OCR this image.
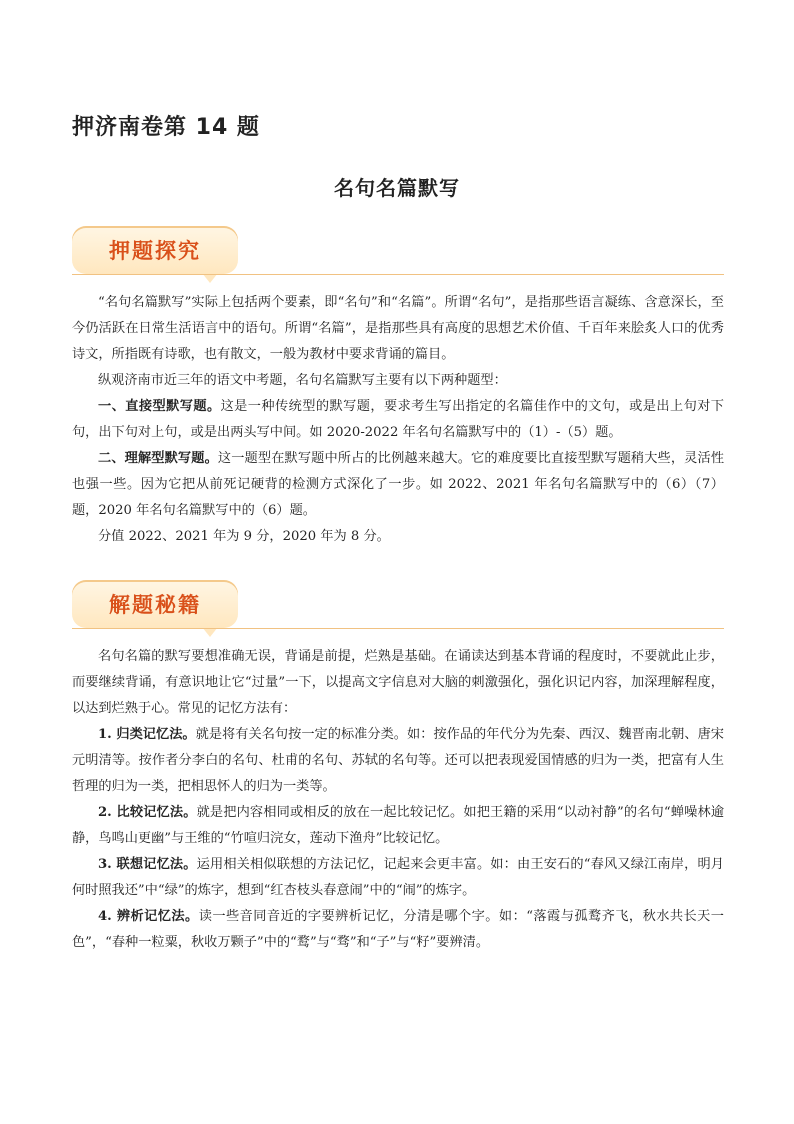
押济南卷第 14 题
名句名篇默写
押题探究

“名句名篇默写”实际上包括两个要素，即“名句”和“名篇”。所谓“名句”，是指那些语言凝练、含意深长，至今仍活跃在日常生活语言中的语句。所谓“名篇”，是指那些具有高度的思想艺术价值、千百年来脍炙人口的优秀诗文，所指既有诗歌，也有散文，一般为教材中要求背诵的篇目。

纵观济南市近三年的语文中考题，名句名篇默写主要有以下两种题型：

一、直接型默写题。这是一种传统型的默写题，要求考生写出指定的名篇佳作中的文句，或是出上句对下句，出下句对上句，或是出两头写中间。如 2020-2022 年名句名篇默写中的（1）-（5）题。

二、理解型默写题。这一题型在默写题中所占的比例越来越大。它的难度要比直接型默写题稍大些，灵活性也强一些。因为它把从前死记硬背的检测方式深化了一步。如 2022、2021 年名句名篇默写中的（6）（7）题，2020 年名句名篇默写中的（6）题。

分值 2022、2021 年为 9 分，2020 年为 8 分。

解题秘籍

名句名篇的默写要想准确无误，背诵是前提，烂熟是基础。在诵读达到基本背诵的程度时，不要就此止步，而要继续背诵，有意识地让它“过量”一下，以提高文字信息对大脑的刺激强化，强化识记内容，加深理解程度，以达到烂熟于心。常见的记忆方法有：

1. 归类记忆法。就是将有关名句按一定的标准分类。如：按作品的年代分为先秦、西汉、魏晋南北朝、唐宋元明清等。按作者分李白的名句、杜甫的名句、苏轼的名句等。还可以把表现爱国情感的归为一类，把富有人生哲理的归为一类，把相思怀人的归为一类等。

2. 比较记忆法。就是把内容相同或相反的放在一起比较记忆。如把王籍的采用“以动衬静”的名句“蝉噪林逾静，鸟鸣山更幽”与王维的“竹喧归浣女，莲动下渔舟”比较记忆。

3. 联想记忆法。运用相关相似联想的方法记忆，记起来会更丰富。如：由王安石的“春风又绿江南岸，明月何时照我还”中“绿”的炼字，想到“红杏枝头春意闹”中的“闹”的炼字。

4. 辨析记忆法。读一些音同音近的字要辨析记忆，分清是哪个字。如：“落霞与孤鹜齐飞，秋水共长天一色”，“春种一粒粟，秋收万颗子”中的“鹜”与“骛”和“子”与“籽”要辨清。
